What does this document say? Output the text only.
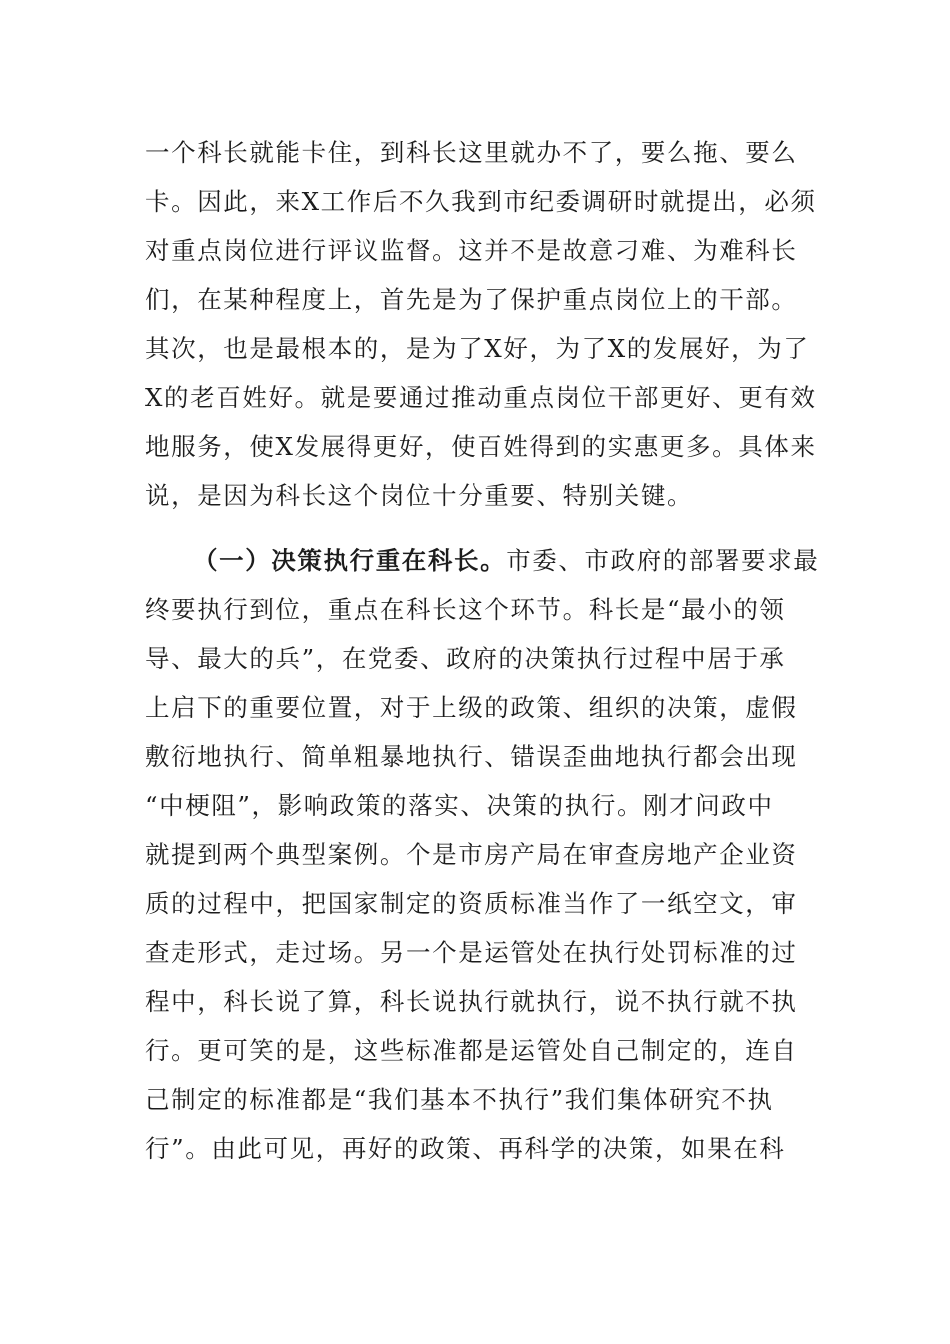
一个科长就能卡住，到科长这里就办不了，要么拖、要么
卡。因此，来X工作后不久我到市纪委调研时就提出，必须
对重点岗位进行评议监督。这并不是故意刁难、为难科长
们，在某种程度上，首先是为了保护重点岗位上的干部。
其次，也是最根本的，是为了X好，为了X的发展好，为了
X的老百姓好。就是要通过推动重点岗位干部更好、更有效
地服务，使X发展得更好，使百姓得到的实惠更多。具体来
说，是因为科长这个岗位十分重要、特别关键。
（一）决策执行重在科长。市委、市政府的部署要求最
终要执行到位，重点在科长这个环节。科长是“最小的领
导、最大的兵”，在党委、政府的决策执行过程中居于承
上启下的重要位置，对于上级的政策、组织的决策，虚假
敷衍地执行、简单粗暴地执行、错误歪曲地执行都会出现
“中梗阻”，影响政策的落实、决策的执行。刚才问政中
就提到两个典型案例。个是市房产局在审查房地产企业资
质的过程中，把国家制定的资质标准当作了一纸空文，审
查走形式，走过场。另一个是运管处在执行处罚标准的过
程中，科长说了算，科长说执行就执行，说不执行就不执
行。更可笑的是，这些标准都是运管处自己制定的，连自
己制定的标准都是“我们基本不执行”我们集体研究不执
行”。由此可见，再好的政策、再科学的决策，如果在科
